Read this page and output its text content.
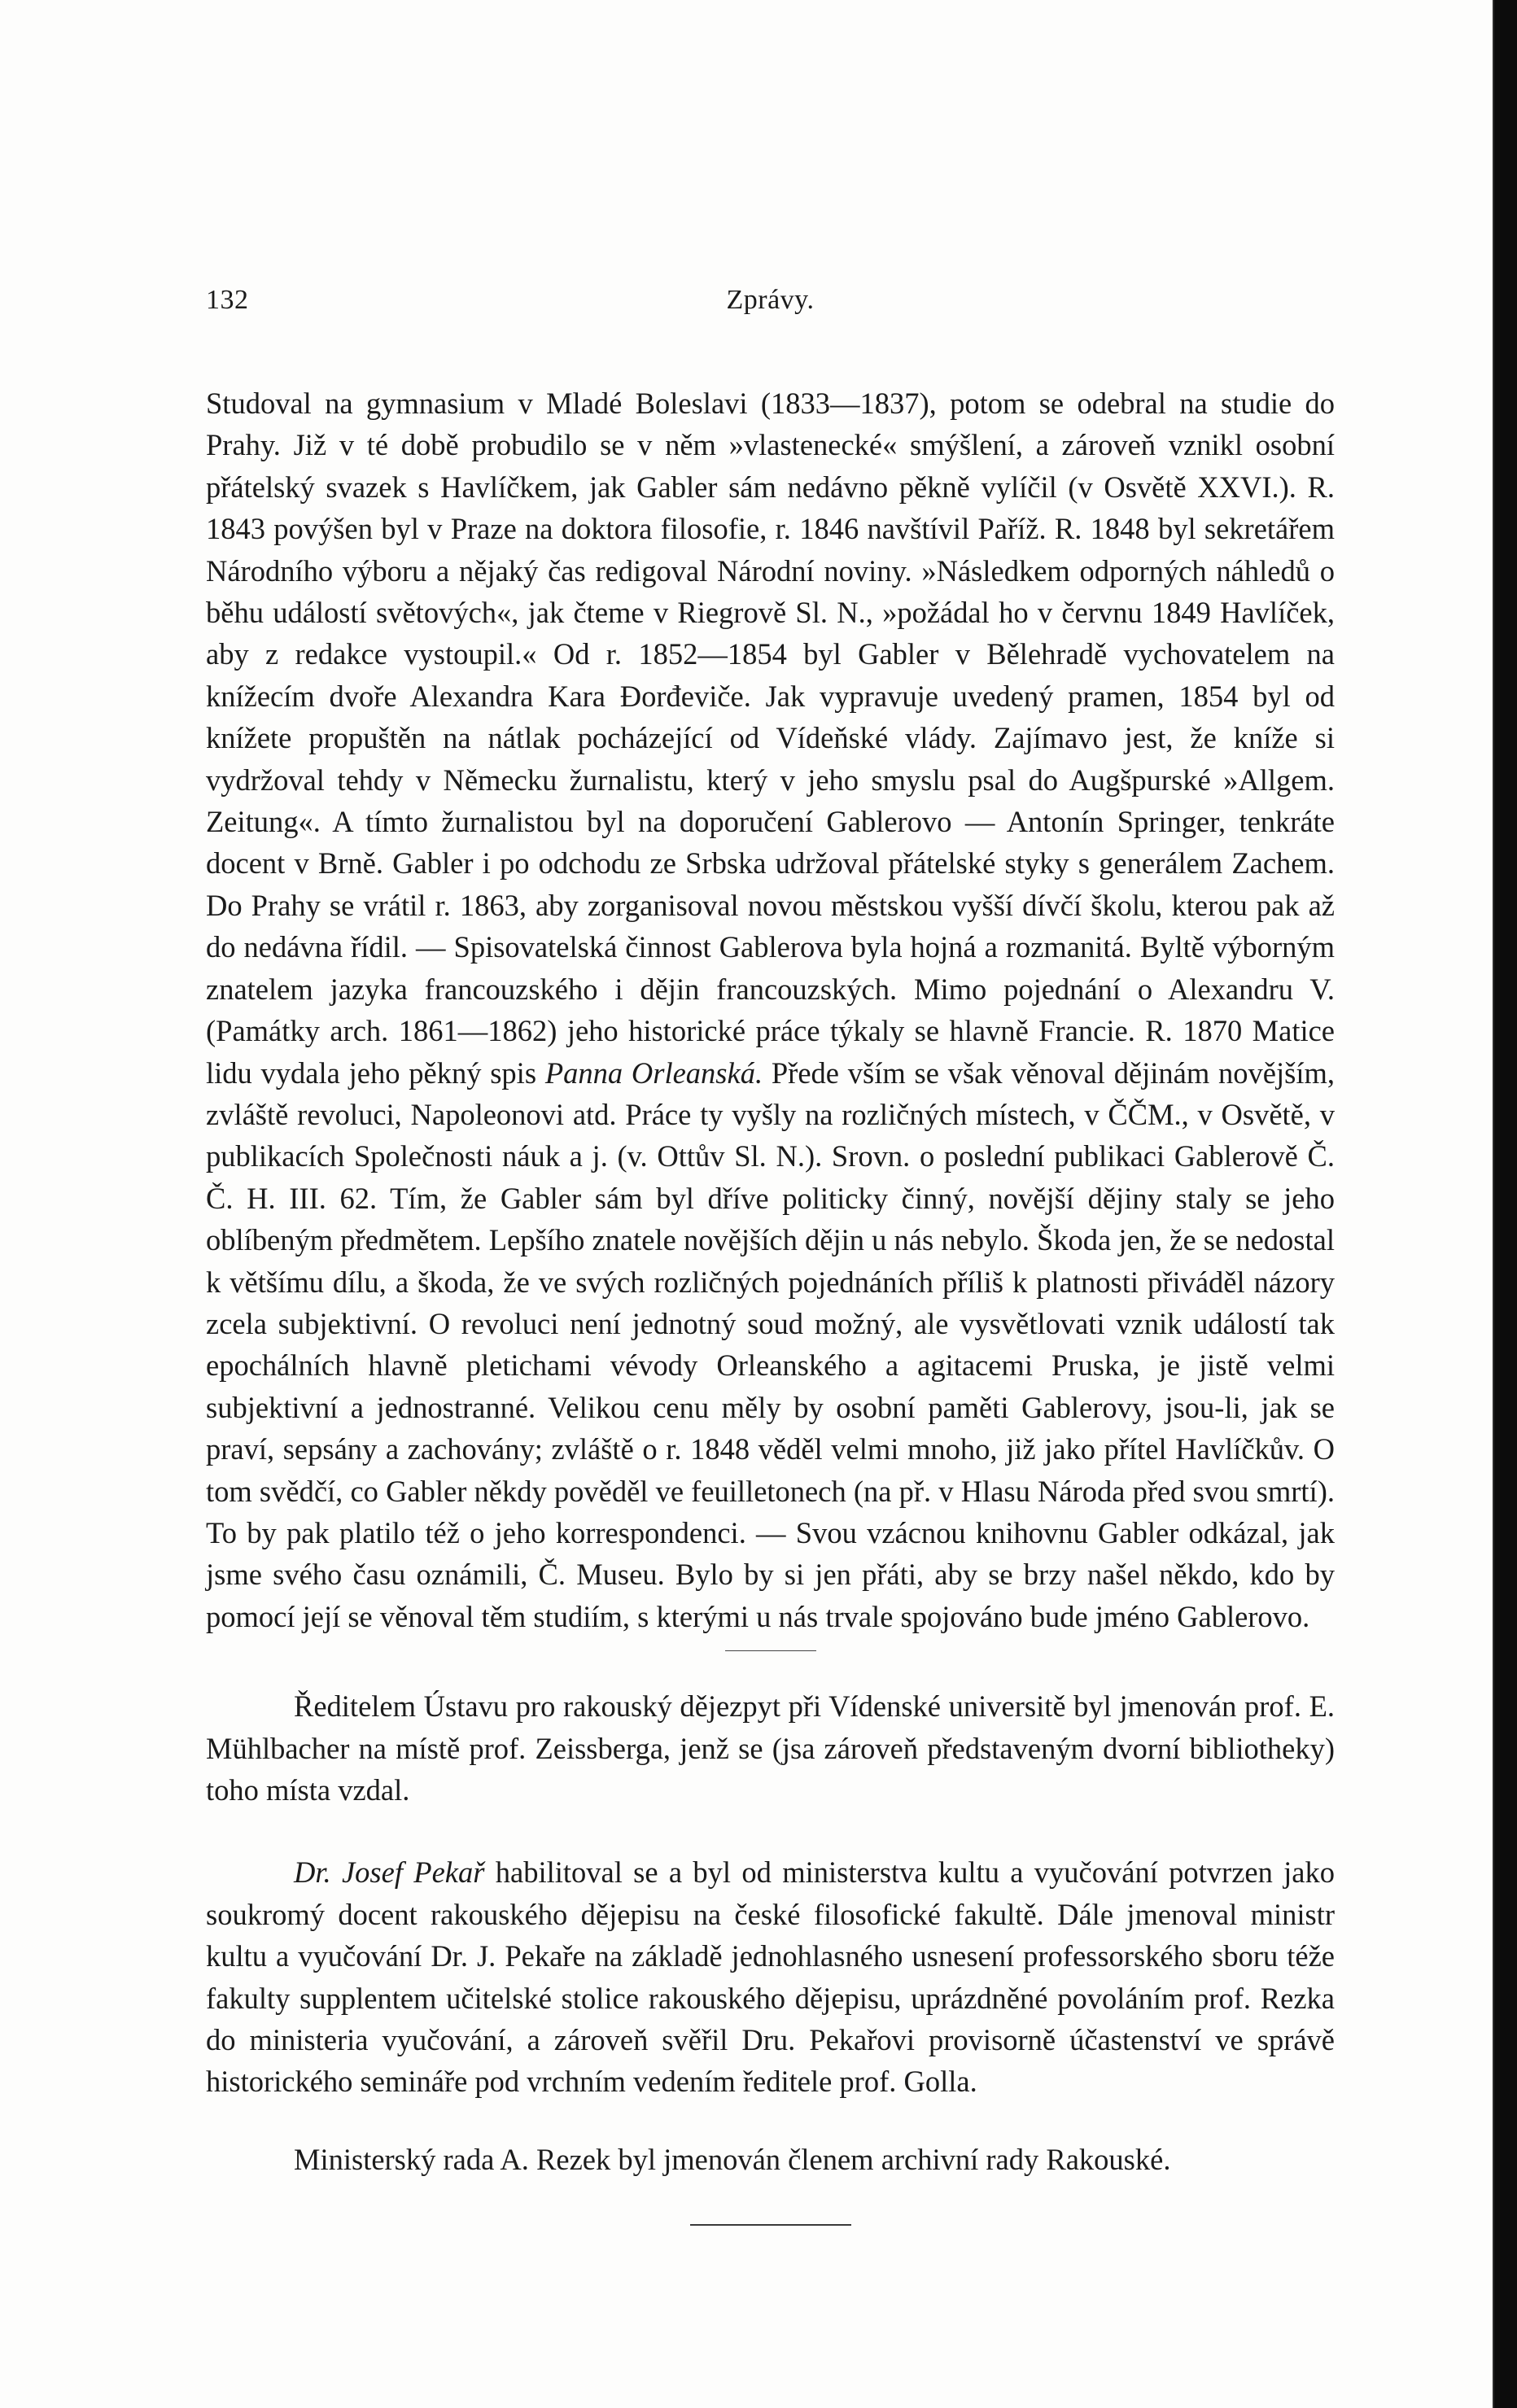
132	Zprávy.

Studoval na gymnasium v Mladé Boleslavi (1833—1837), potom se odebral na studie do Prahy. Již v té době probudilo se v něm »vlastenecké« smýšlení, a zároveň vznikl osobní přátelský svazek s Havlíčkem, jak Gabler sám nedávno pěkně vylíčil (v Osvětě XXVI.). R. 1843 povýšen byl v Praze na doktora filosofie, r. 1846 navštívil Paříž. R. 1848 byl sekretářem Národního výboru a nějaký čas redigoval Národní noviny. »Následkem odporných náhledů o běhu událostí světových«, jak čteme v Riegrově Sl. N., »požádal ho v červnu 1849 Havlíček, aby z redakce vystoupil.« Od r. 1852—1854 byl Gabler v Bělehradě vychovatelem na knížecím dvoře Alexandra Kara Đorđeviče. Jak vypravuje uvedený pramen, 1854 byl od knížete propuštěn na nátlak pocházející od Vídeňské vlády. Zajímavo jest, že kníže si vydržoval tehdy v Německu žurnalistu, který v jeho smyslu psal do Augšpurské »Allgem. Zeitung«. A tímto žurnalistou byl na doporučení Gablerovo — Antonín Springer, tenkráte docent v Brně. Gabler i po odchodu ze Srbska udržoval přátelské styky s generálem Zachem. Do Prahy se vrátil r. 1863, aby zorganisoval novou městskou vyšší dívčí školu, kterou pak až do nedávna řídil. — Spisovatelská činnost Gablerova byla hojná a rozmanitá. Byltě výborným znatelem jazyka francouzského i dějin francouzských. Mimo pojednání o Alexandru V. (Památky arch. 1861—1862) jeho historické práce týkaly se hlavně Francie. R. 1870 Matice lidu vydala jeho pěkný spis Panna Orleanská. Přede vším se však věnoval dějinám novějším, zvláště revoluci, Napoleonovi atd. Práce ty vyšly na rozličných místech, v ČČM., v Osvětě, v publikacích Společnosti náuk a j. (v. Ottův Sl. N.). Srovn. o poslední publikaci Gablerově Č. Č. H. III. 62. Tím, že Gabler sám byl dříve politicky činný, novější dějiny staly se jeho oblíbeným předmětem. Lepšího znatele novějších dějin u nás nebylo. Škoda jen, že se nedostal k většímu dílu, a škoda, že ve svých rozličných pojednáních příliš k platnosti přiváděl názory zcela subjektivní. O revoluci není jednotný soud možný, ale vysvětlovati vznik událostí tak epochálních hlavně pletichami vévody Orleanského a agitacemi Pruska, je jistě velmi subjektivní a jednostranné. Velikou cenu měly by osobní paměti Gablerovy, jsou-li, jak se praví, sepsány a zachovány; zvláště o r. 1848 věděl velmi mnoho, již jako přítel Havlíčkův. O tom svědčí, co Gabler někdy pověděl ve feuilletonech (na př. v Hlasu Národa před svou smrtí). To by pak platilo též o jeho korrespondenci. — Svou vzácnou knihovnu Gabler odkázal, jak jsme svého času oznámili, Č. Museu. Bylo by si jen přáti, aby se brzy našel někdo, kdo by pomocí její se věnoval těm studiím, s kterými u nás trvale spojováno bude jméno Gablerovo.

Ředitelem Ústavu pro rakouský dějezpyt při Vídenské universitě byl jmenován prof. E. Mühlbacher na místě prof. Zeissberga, jenž se (jsa zároveň představeným dvorní bibliotheky) toho místa vzdal.

Dr. Josef Pekař habilitoval se a byl od ministerstva kultu a vyučování potvrzen jako soukromý docent rakouského dějepisu na české filosofické fakultě. Dále jmenoval ministr kultu a vyučování Dr. J. Pekaře na základě jednohlasného usnesení professorského sboru téže fakulty supplentem učitelské stolice rakouského dějepisu, uprázdněné povoláním prof. Rezka do ministeria vyučování, a zároveň svěřil Dru. Pekařovi provisorně účastenství ve správě historického semináře pod vrchním vedením ředitele prof. Golla.

Ministerský rada A. Rezek byl jmenován členem archivní rady Rakouské.
